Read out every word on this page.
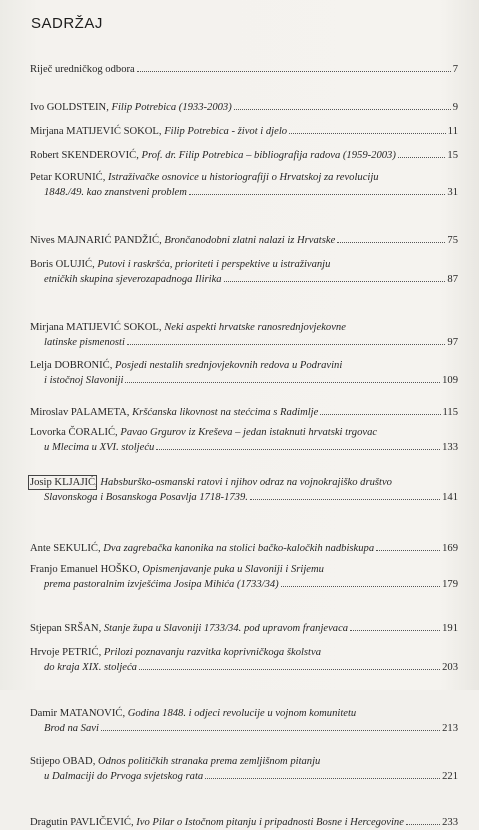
SADRŽAJ
Riječ uredničkog odbora	7
Ivo GOLDSTEIN, Filip Potrebica (1933-2003)	9
Mirjana MATIJEVIĆ SOKOL, Filip Potrebica - život i djelo	11
Robert SKENDEROVIĆ, Prof. dr. Filip Potrebica – bibliografija radova (1959-2003)	15
Petar KORUNIĆ, Istraživačke osnovice u historiografiji o Hrvatskoj za revoluciju
1848./49. kao znanstveni problem	31
Nives MAJNARIĆ PANDŽIĆ, Brončanodobni zlatni nalazi iz Hrvatske	75
Boris OLUJIĆ, Putovi i raskršća, prioriteti i perspektive u istraživanju
etničkih skupina sjeverozapadnoga Ilirika	87
Mirjana MATIJEVIĆ SOKOL, Neki aspekti hrvatske ranosrednjovjekovne
latinske pismenosti	97
Lelja DOBRONIĆ, Posjedi nestalih srednjovjekovnih redova u Podravini
i istočnoj Slavoniji	109
Miroslav PALAMETA, Kršćanska likovnost na stećcima s Radimlje	115
Lovorka ČORALIĆ, Pavao Grgurov iz Kreševa – jedan istaknuti hrvatski trgovac
u Mlecima u XVI. stoljeću	133
Josip KLJAJIĆ, Habsburško-osmanski ratovi i njihov odraz na vojnokrajiško društvo
Slavonskoga i Bosanskoga Posavlja 1718-1739.	141
Ante SEKULIĆ, Dva zagrebačka kanonika na stolici bačko-kaločkih nadbiskupa	169
Franjo Emanuel HOŠKO, Opismenjavanje puka u Slavoniji i Srijemu
prema pastoralnim izvješćima Josipa Mihića (1733/34)	179
Stjepan SRŠAN, Stanje župa u Slavoniji 1733/34. pod upravom franjevaca	191
Hrvoje PETRIĆ, Prilozi poznavanju razvitka koprivničkoga školstva
do kraja XIX. stoljeća	203
Damir MATANOVIĆ, Godina 1848. i odjeci revolucije u vojnom komunitetu
Brod na Savi	213
Stijepo OBAD, Odnos političkih stranaka prema zemljišnom pitanju
u Dalmaciji do Prvoga svjetskog rata	221
Dragutin PAVLIČEVIĆ, Ivo Pilar o Istočnom pitanju i pripadnosti Bosne i Hercegovine	233
